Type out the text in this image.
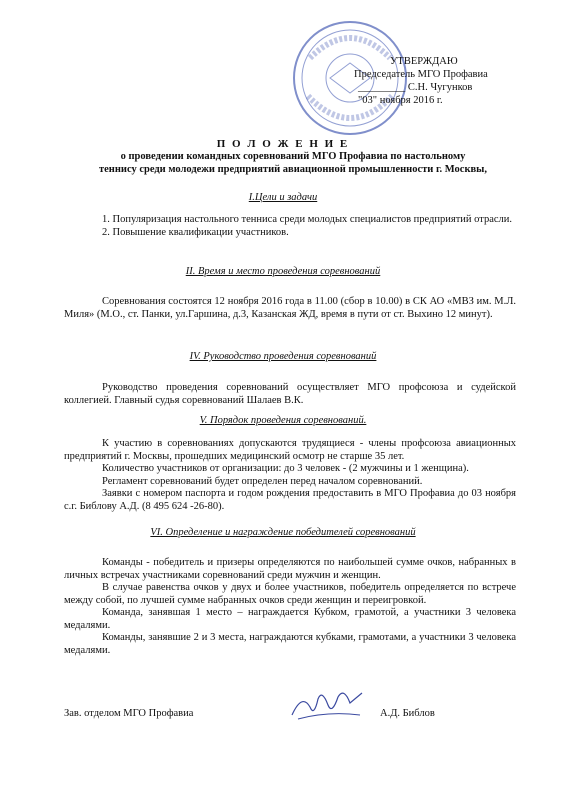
УТВЕРЖДАЮ
Председатель МГО Профавиа
_________ С.Н. Чугунков
"03" ноября 2016 г.
П О Л О Ж Е Н И Е
о проведении командных соревнований МГО Профавиа по настольному
теннису среди молодежи предприятий авиационной промышленности г. Москвы,
I.Цели и задачи

1. Популяризация настольного тенниса среди молодых специалистов предприятий отрасли.

2. Повышение квалификации участников.

II. Время и место проведения соревнований

Соревнования состоятся 12 ноября 2016 года в 11.00 (сбор в 10.00) в СК АО «МВЗ им. М.Л. Миля» (М.О., ст. Панки, ул.Гаршина, д.3, Казанская ЖД, время в пути от ст. Выхино 12 минут).

IV. Руководство проведения соревнований

Руководство проведения соревнований осуществляет МГО профсоюза и судейской коллегией. Главный судья соревнований Шалаев В.К.

V. Порядок проведения соревнований.

К участию в соревнованиях допускаются трудящиеся - члены профсоюза авиационных предприятий г. Москвы, прошедших медицинский осмотр не старше 35 лет.

Количество участников от организации: до 3 человек - (2 мужчины и 1 женщина).

Регламент соревнований будет определен перед началом соревнований.

Заявки с номером паспорта и годом рождения предоставить в МГО Профавиа до 03 ноября с.г. Библову А.Д. (8 495 624 -26-80).

VI. Определение и награждение победителей соревнований

Команды - победитель и призеры определяются по наибольшей сумме очков, набранных в личных встречах участниками соревнований среди мужчин и женщин.

В случае равенства очков у двух и более участников, победитель определяется по встрече между собой, по лучшей сумме набранных очков среди женщин и переигровкой.

Команда, занявшая 1 место – награждается Кубком, грамотой, а участники 3 человека медалями.

Команды, занявшие 2 и 3 места, награждаются кубками, грамотами, а участники 3 человека медалями.

Зав. отделом МГО Профавиа	А.Д. Библов
